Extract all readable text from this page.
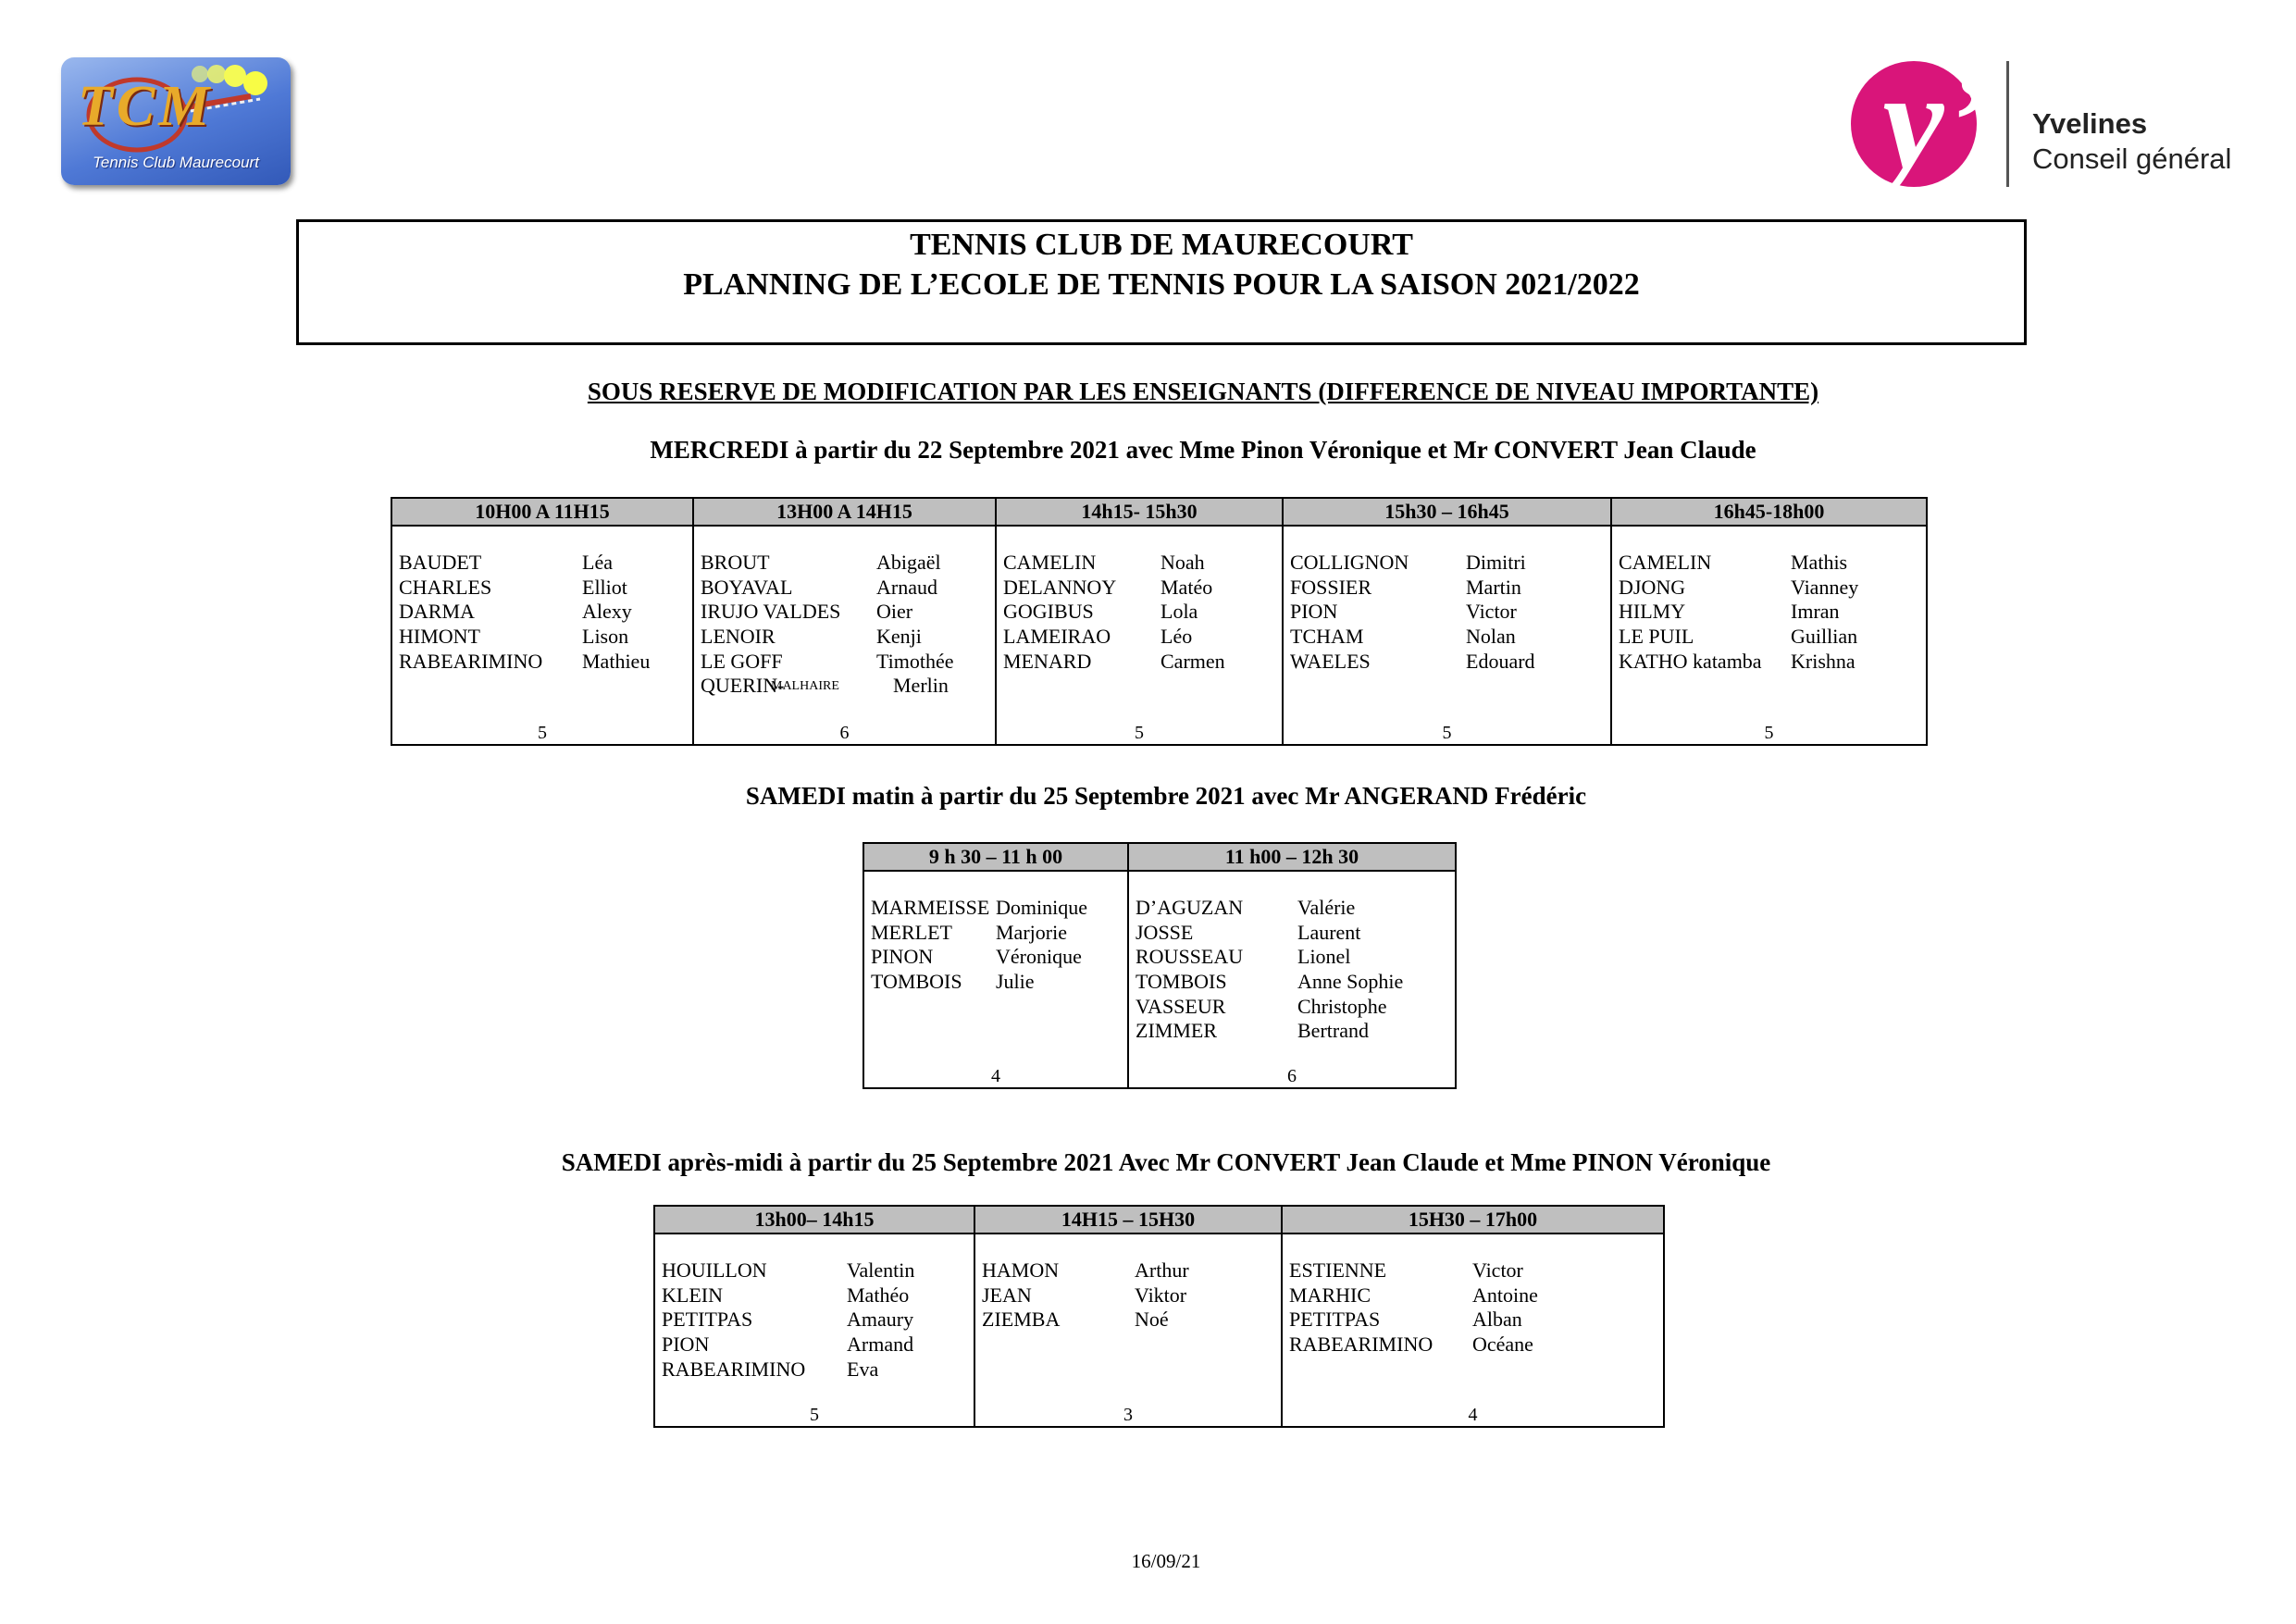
TCM
Tennis Club Maurecourt	y’ Yvelines
Conseil général
TENNIS CLUB DE MAURECOURT
PLANNING DE L’ECOLE DE TENNIS POUR LA SAISON 2021/2022
SOUS RESERVE DE MODIFICATION PAR LES ENSEIGNANTS (DIFFERENCE DE NIVEAU IMPORTANTE)
MERCREDI à partir du 22 Septembre 2021 avec Mme Pinon Véronique et Mr CONVERT Jean Claude
10H00 A 11H15
BAUDET	Léa
CHARLES	Elliot
DARMA	Alexy
HIMONT	Lison
RABEARIMINO Mathieu
5
13H00 A 14H15
BROUT	Abigaël
BOYAVAL	Arnaud
IRUJO VALDES Oier
LENOIR	Kenji
LE GOFF	Timothée
QUERIN-
MALHAIRE	Merlin
6
14h15- 15h30
CAMELIN	Noah
DELANNOY Matéo
GOGIBUS	Lola
LAMEIRAO Léo
MENARD	Carmen
5
15h30 – 16h45
COLLIGNON	Dimitri
FOSSIER	Martin
PION	Victor
TCHAM	Nolan
WAELES	Edouard
5
16h45-18h00
CAMELIN	Mathis
DJONG	Vianney
HILMY	Imran
LE PUIL	Guillian
KATHO katamba Krishna
5
SAMEDI matin à partir du 25 Septembre 2021 avec Mr ANGERAND Frédéric
9 h 30 – 11 h 00
MARMEISSE Dominique
MERLET Marjorie
PINON	Véronique
TOMBOIS Julie
4
11 h00 – 12h 30
D’AGUZAN	Valérie
JOSSE	Laurent
ROUSSEAU	Lionel
TOMBOIS	Anne Sophie
VASSEUR	Christophe
ZIMMER	Bertrand
6
SAMEDI après-midi à partir du 25 Septembre 2021 Avec Mr CONVERT Jean Claude et Mme PINON Véronique
13h00– 14h15
HOUILLON	Valentin
KLEIN	Mathéo
PETITPAS	Amaury
PION	Armand
RABEARIMINO Eva
5
14H15 – 15H30
HAMON	Arthur
JEAN	Viktor
ZIEMBA	Noé
3
15H30 – 17h00
ESTIENNE	Victor
MARHIC	Antoine
PETITPAS	Alban
RABEARIMINO Océane
4
16/09/21
